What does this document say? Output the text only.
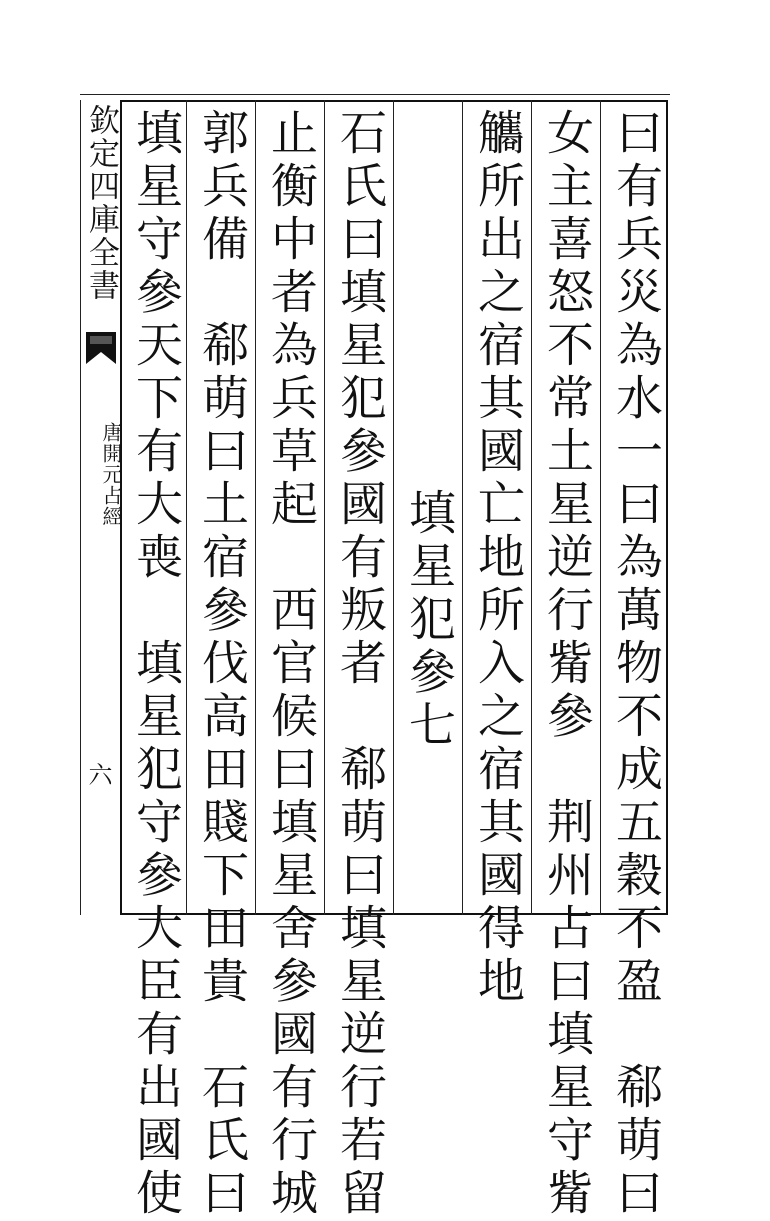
欽定四庫全書
唐開元占經
六	曰有兵災為水一曰為萬物不成五穀不盈　郗萌曰
女主喜怒不常土星逆行觜參　荆州占曰填星守觜
觿所出之宿其國亡地所入之宿其國得地
填星犯參七
石氏曰填星犯參國有叛者　郗萌曰填星逆行若留
止衡中者為兵草起　西官候曰填星舍參國有行城
郭兵備　郗萌曰土宿參伐高田賤下田貴　石氏曰
填星守參天下有大喪　填星犯守參大臣有出國使
